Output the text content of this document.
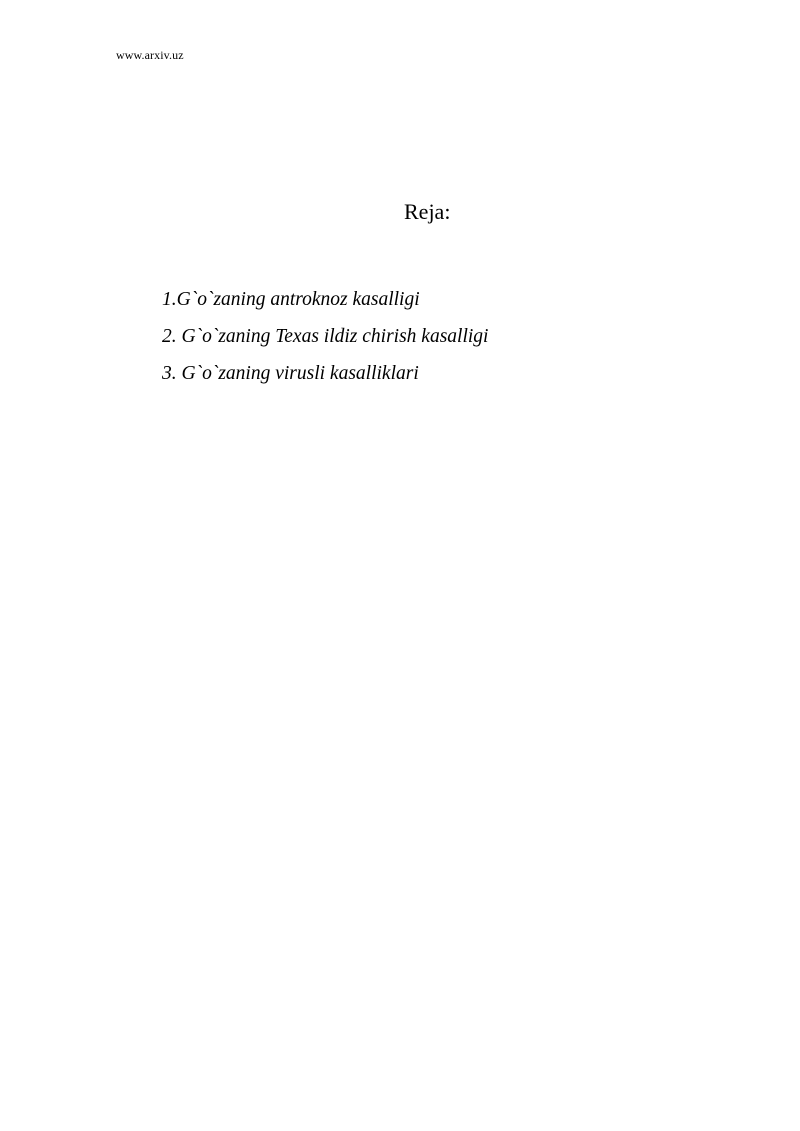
www.arxiv.uz
Reja:
1.G`o`zaning antroknoz kasalligi
2. G`o`zaning Texas ildiz chirish kasalligi
3. G`o`zaning virusli kasalliklari
